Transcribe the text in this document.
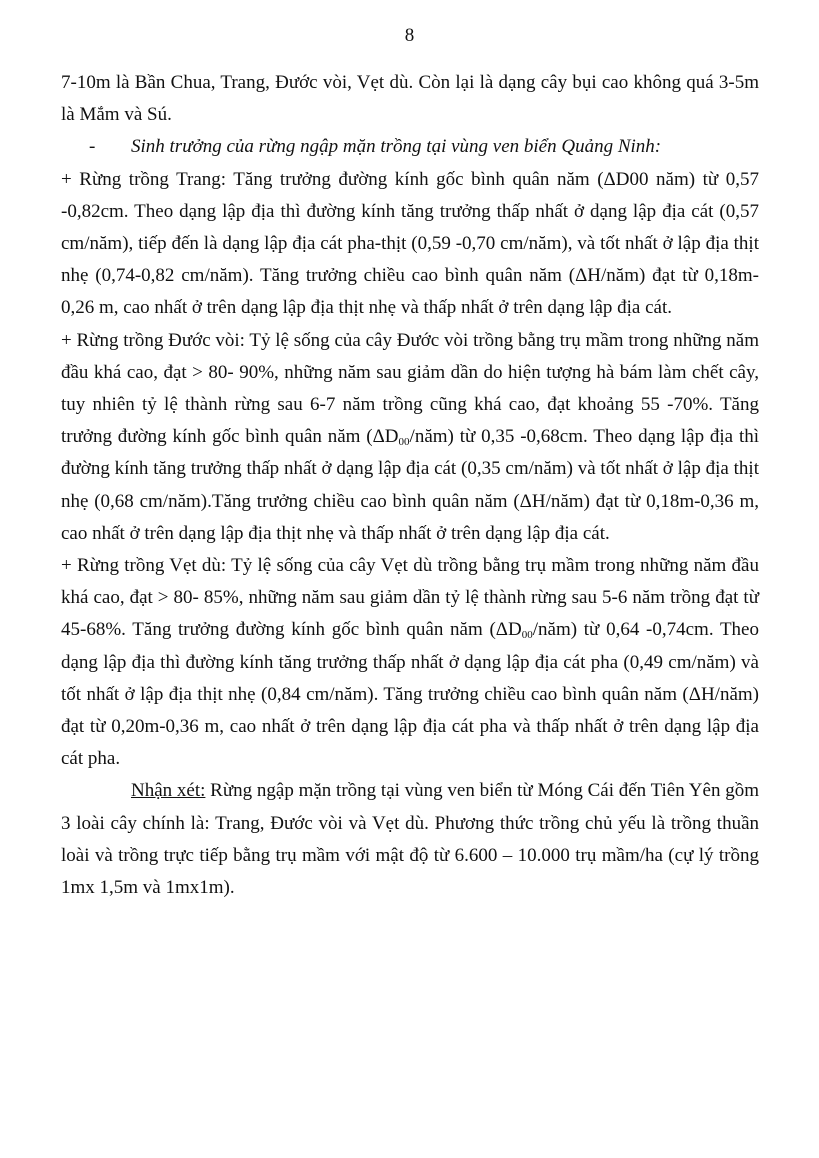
8

7-10m là Bần Chua, Trang, Đước vòi, Vẹt dù. Còn lại là dạng cây bụi cao không quá 3-5m là Mắm và Sú.

- Sinh trưởng của rừng ngập mặn trồng tại vùng ven biển Quảng Ninh:

+ Rừng trồng Trang: Tăng trưởng đường kính gốc bình quân năm (ΔD00 năm) từ 0,57 -0,82cm. Theo dạng lập địa thì đường kính tăng trưởng thấp nhất ở dạng lập địa cát (0,57 cm/năm), tiếp đến là dạng lập địa cát pha-thịt (0,59 -0,70 cm/năm), và tốt nhất ở lập địa thịt nhẹ (0,74-0,82 cm/năm). Tăng trưởng chiều cao bình quân năm (ΔH/năm) đạt từ 0,18m-0,26 m, cao nhất ở trên dạng lập địa thịt nhẹ và thấp nhất ở trên dạng lập địa cát.

+ Rừng trồng Đước vòi: Tỷ lệ sống của cây Đước vòi trồng bằng trụ mầm trong những năm đầu khá cao, đạt > 80- 90%, những năm sau giảm dần do hiện tượng hà bám làm chết cây, tuy nhiên tỷ lệ thành rừng sau 6-7 năm trồng cũng khá cao, đạt khoảng 55 -70%. Tăng trưởng đường kính gốc bình quân năm $(\Delta D_{00}/năm)$ từ 0,35 -0,68cm. Theo dạng lập địa thì đường kính tăng trưởng thấp nhất ở dạng lập địa cát (0,35 cm/năm) và tốt nhất ở lập địa thịt nhẹ (0,68 cm/năm).Tăng trưởng chiều cao bình quân năm (ΔH/năm) đạt từ 0,18m-0,36 m, cao nhất ở trên dạng lập địa thịt nhẹ và thấp nhất ở trên dạng lập địa cát.

+ Rừng trồng Vẹt dù: Tỷ lệ sống của cây Vẹt dù trồng bằng trụ mầm trong những năm đầu khá cao, đạt > 80- 85%, những năm sau giảm dần tỷ lệ thành rừng sau 5-6 năm trồng đạt từ 45-68%. Tăng trưởng đường kính gốc bình quân năm $(\Delta D_{00}/năm)$ từ 0,64 -0,74cm. Theo dạng lập địa thì đường kính tăng trưởng thấp nhất ở dạng lập địa cát pha (0,49 cm/năm) và tốt nhất ở lập địa thịt nhẹ (0,84 cm/năm). Tăng trưởng chiều cao bình quân năm (ΔH/năm) đạt từ 0,20m-0,36 m, cao nhất ở trên dạng lập địa cát pha và thấp nhất ở trên dạng lập địa cát pha.

Nhận xét: Rừng ngập mặn trồng tại vùng ven biển từ Móng Cái đến Tiên Yên gồm 3 loài cây chính là: Trang, Đước vòi và Vẹt dù. Phương thức trồng chủ yếu là trồng thuần loài và trồng trực tiếp bằng trụ mầm với mật độ từ 6.600 – 10.000 trụ mầm/ha (cự lý trồng 1mx 1,5m và 1mx1m).
